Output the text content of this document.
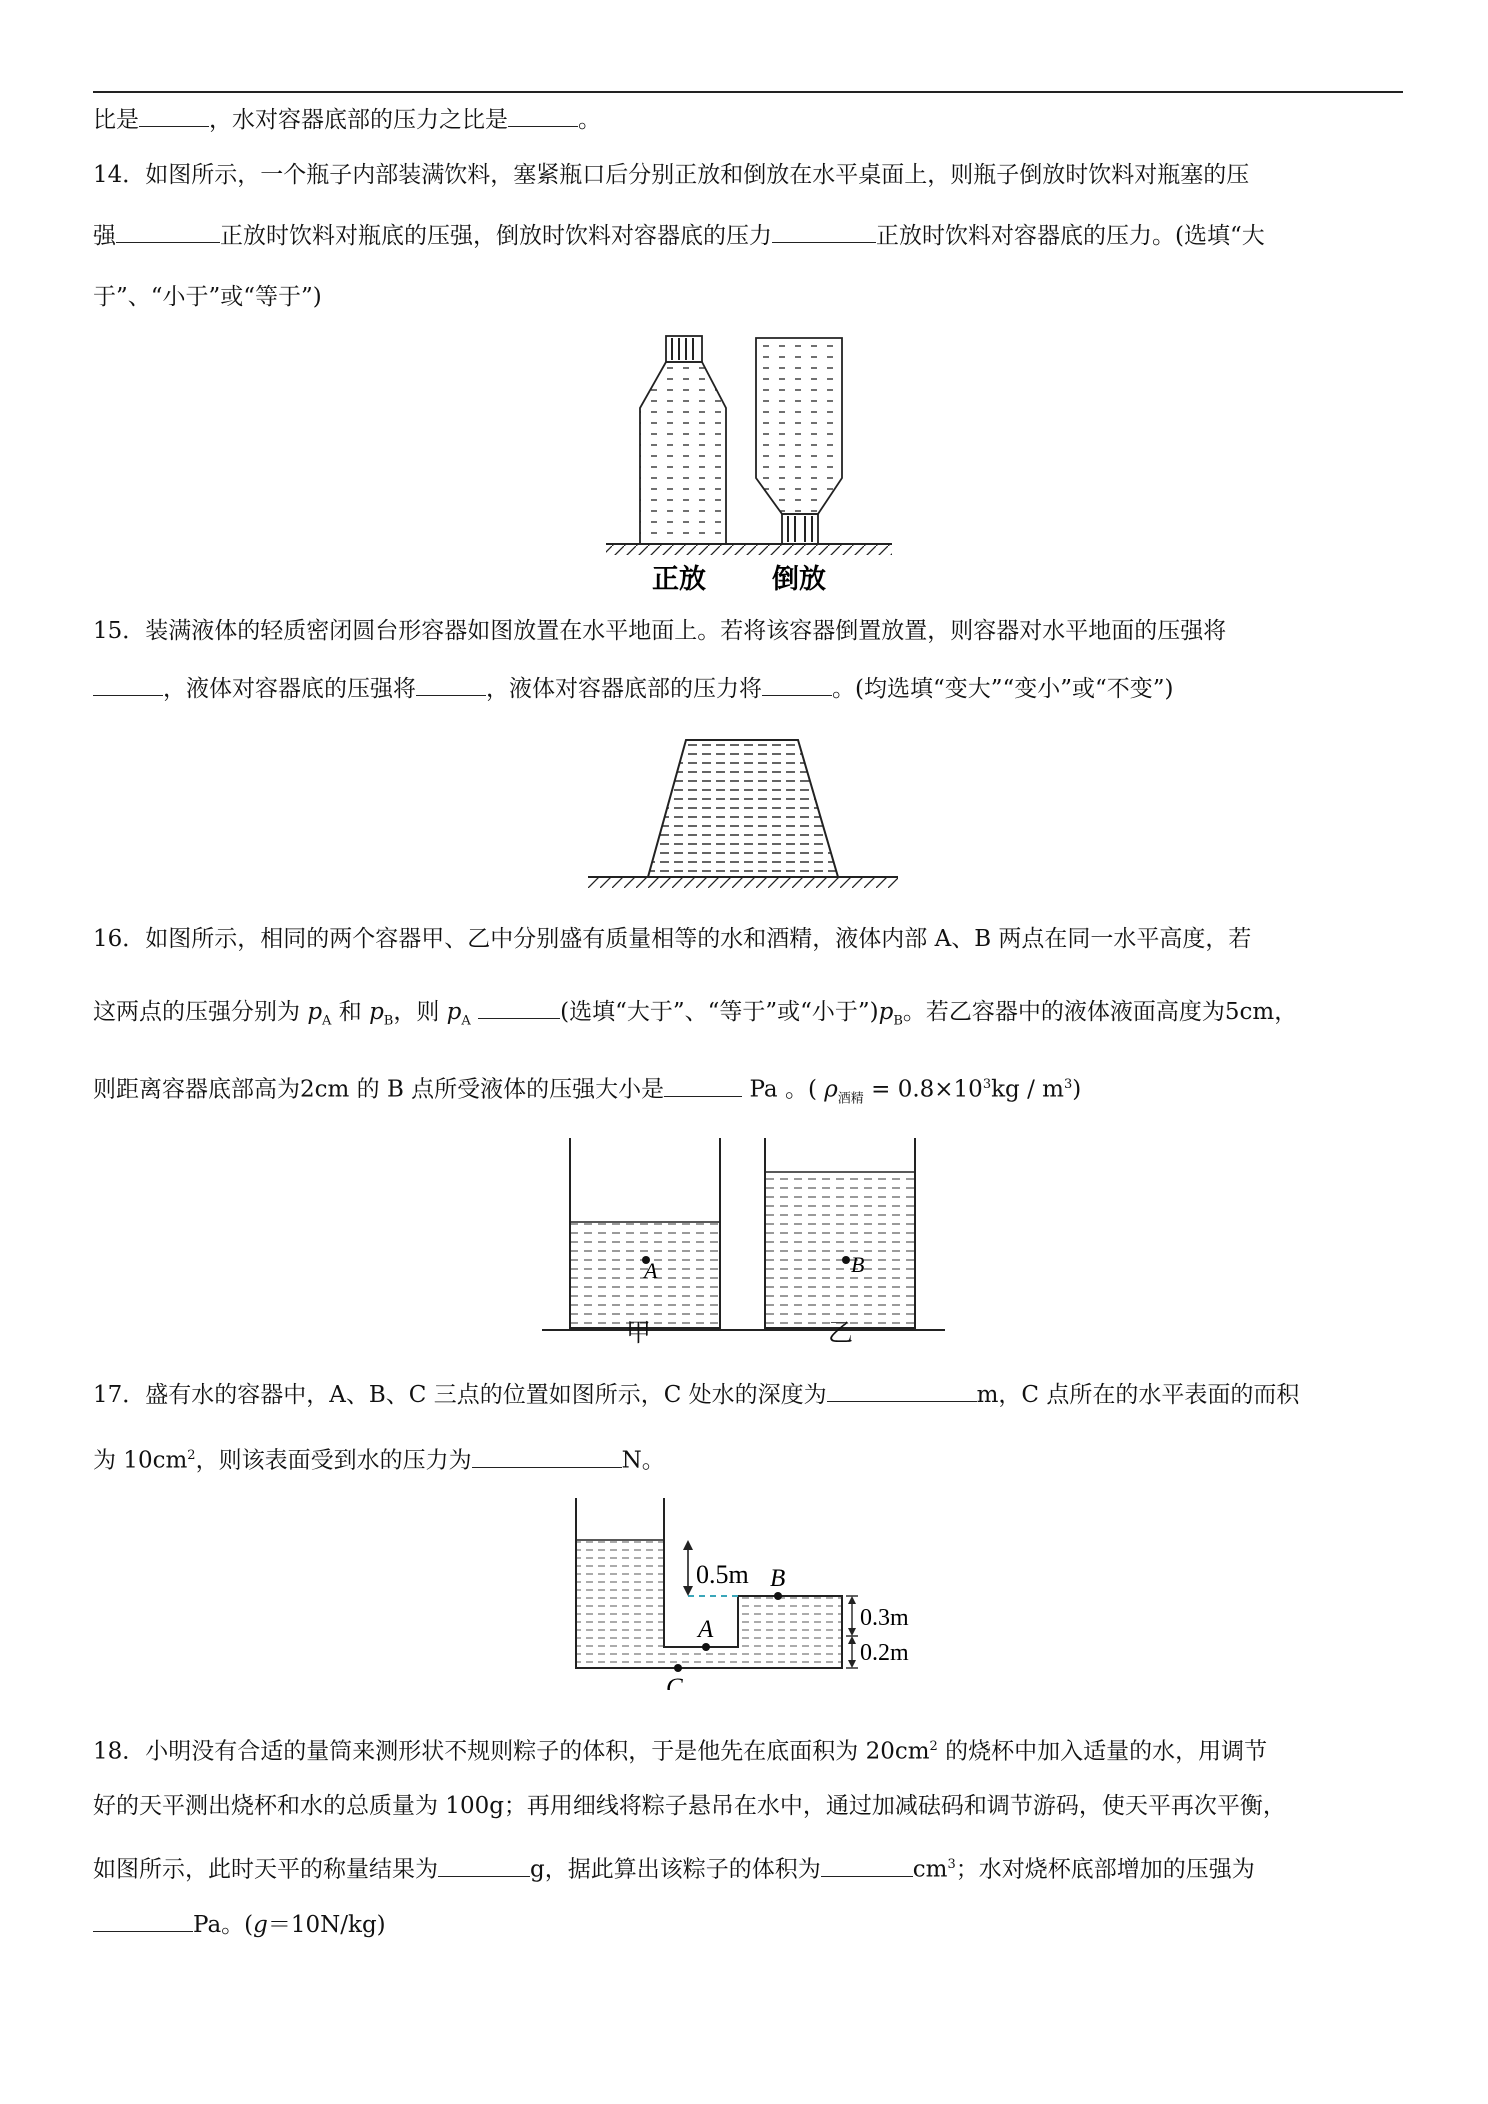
比是	，水对容器底部的压力之比是	。
14．如图所示，一个瓶子内部装满饮料，塞紧瓶口后分别正放和倒放在水平桌面上，则瓶子倒放时饮料对瓶塞的压
强	正放时饮料对瓶底的压强，倒放时饮料对容器底的压力	正放时饮料对容器底的压力。(选填“大
于”、“小于”或“等于”)
正放 倒放
15．装满液体的轻质密闭圆台形容器如图放置在水平地面上。若将该容器倒置放置，则容器对水平地面的压强将
，液体对容器底的压强将	，液体对容器底部的压力将	。(均选填“变大”“变小”或“不变”)
16．如图所示，相同的两个容器甲、乙中分别盛有质量相等的水和酒精，液体内部 A、B 两点在同一水平高度，若
这两点的压强分别为 $p_A$ 和 $p_B$，则 $p_A$	(选填“大于”、“等于”或“小于$”)p_B$。若乙容器中的液体液面高度为5cm，
则距离容器底部高为2cm 的 B 点所受液体的压强大小是	Pa 。( $\rho_{酒精} = 0.8\times 10^3kg / m^3$)
A	B
甲	乙
17．盛有水的容器中，A、B、C 三点的位置如图所示，C 处水的深度为	m，C 点所在的水平表面的而积
为 $10cm^2$，则该表面受到水的压力为	N。
0.5m B
A
C
0.3m
0.2m
18．小明没有合适的量筒来测形状不规则粽子的体积，于是他先在底面积为 $20cm^2$ 的烧杯中加入适量的水，用调节
好的天平测出烧杯和水的总质量为 100g；再用细线将粽子悬吊在水中，通过加减砝码和调节游码，使天平再次平衡，
如图所示，此时天平的称量结果为	g，据此算出该粽子的体积为	$cm^3$；水对烧杯底部增加的压强为
Pa。(g＝10N/kg)
